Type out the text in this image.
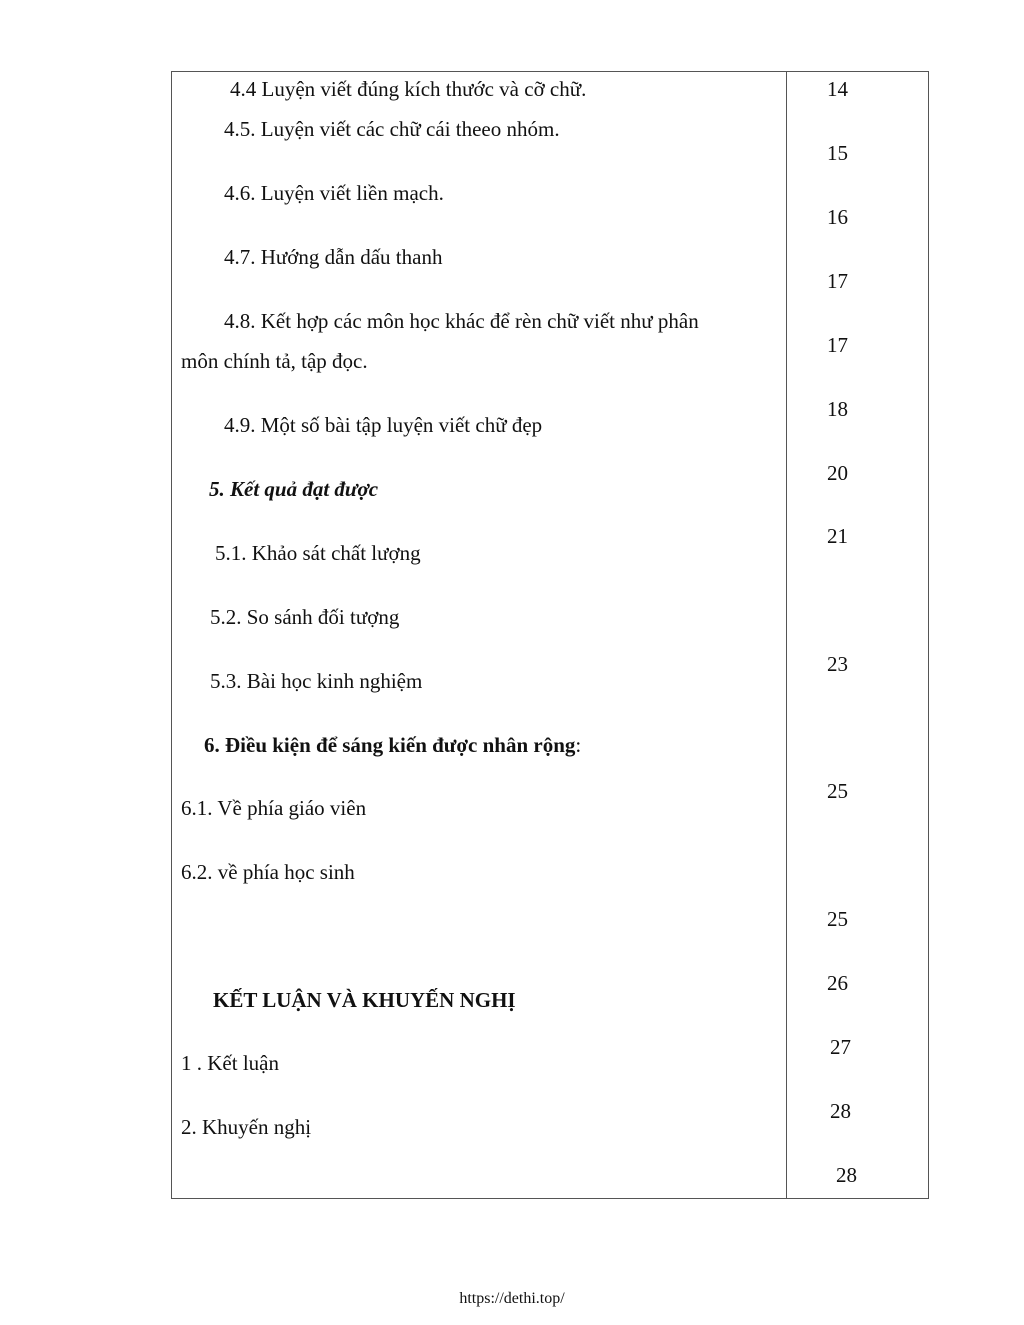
4.4 Luyện viết đúng kích thước và cỡ chữ.
4.5. Luyện viết các chữ cái theeo nhóm.
4.6. Luyện viết liền mạch.
4.7. Hướng dẫn dấu thanh
4.8. Kết hợp các môn học khác để rèn chữ viết như phân
môn chính tả, tập đọc.
4.9. Một số bài tập luyện viết chữ đẹp
5. Kết quả đạt được
5.1. Khảo sát chất lượng
5.2. So sánh đối tượng
5.3. Bài học kinh nghiệm
6. Điều kiện để sáng kiến được nhân rộng:
6.1. Về phía giáo viên
6.2. về phía học sinh
KẾT LUẬN VÀ KHUYẾN NGHỊ
1 . Kết luận
2. Khuyến nghị
14
15
16
17
17
18
20
21
23
25
25
26
27
28
28
https://dethi.top/
